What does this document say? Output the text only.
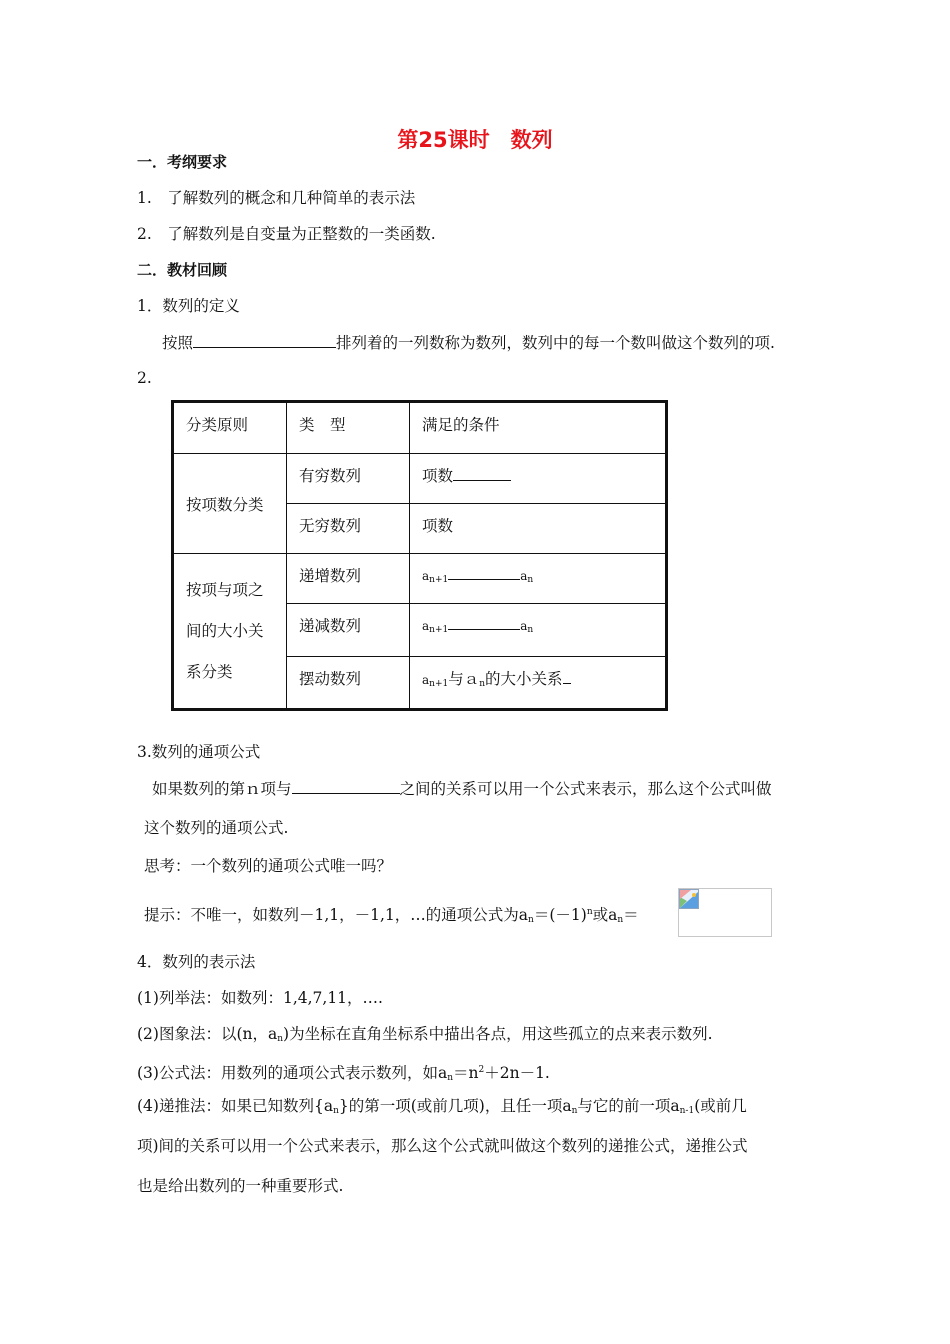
第25课时　数列
一．考纲要求
1.　了解数列的概念和几种简单的表示法
2.　了解数列是自变量为正整数的一类函数.
二．教材回顾
1．数列的定义
按照	排列着的一列数称为数列，数列中的每一个数叫做这个数列的项.
2.
分类原则	类　型	满足的条件

按项数分类	有穷数列	项数

	无穷数列	项数

按项与项之
间的大小关
系分类	递增数列	$a_{n+1}$ $a_n$

	递减数列	$a_{n+1}$ $a_n$

	摆动数列	$a_{n+1}$与ａ$_n$的大小关系
3.数列的通项公式
如果数列的第ｎ项与	之间的关系可以用一个公式来表示，那么这个公式叫做
这个数列的通项公式.
思考：一个数列的通项公式唯一吗？
提示：不唯一，如数列－1,1，－1,1，…的通项公式为$a_n=(-1)^n$或$a_n=$
4．数列的表示法
(1)列举法：如数列：1,4,7,11，….
(2)图象法：以(n，$a_n$)为坐标在直角坐标系中描出各点，用这些孤立的点来表示数列.
(3)公式法：用数列的通项公式表示数列，如$a_n=n^2+2n-1$.
(4)递推法：如果已知数列$\{a_n\}$的第一项(或前几项)，且任一项$a_n$与它的前一项$a_{n-1}$(或前几
项)间的关系可以用一个公式来表示，那么这个公式就叫做这个数列的递推公式，递推公式
也是给出数列的一种重要形式.
